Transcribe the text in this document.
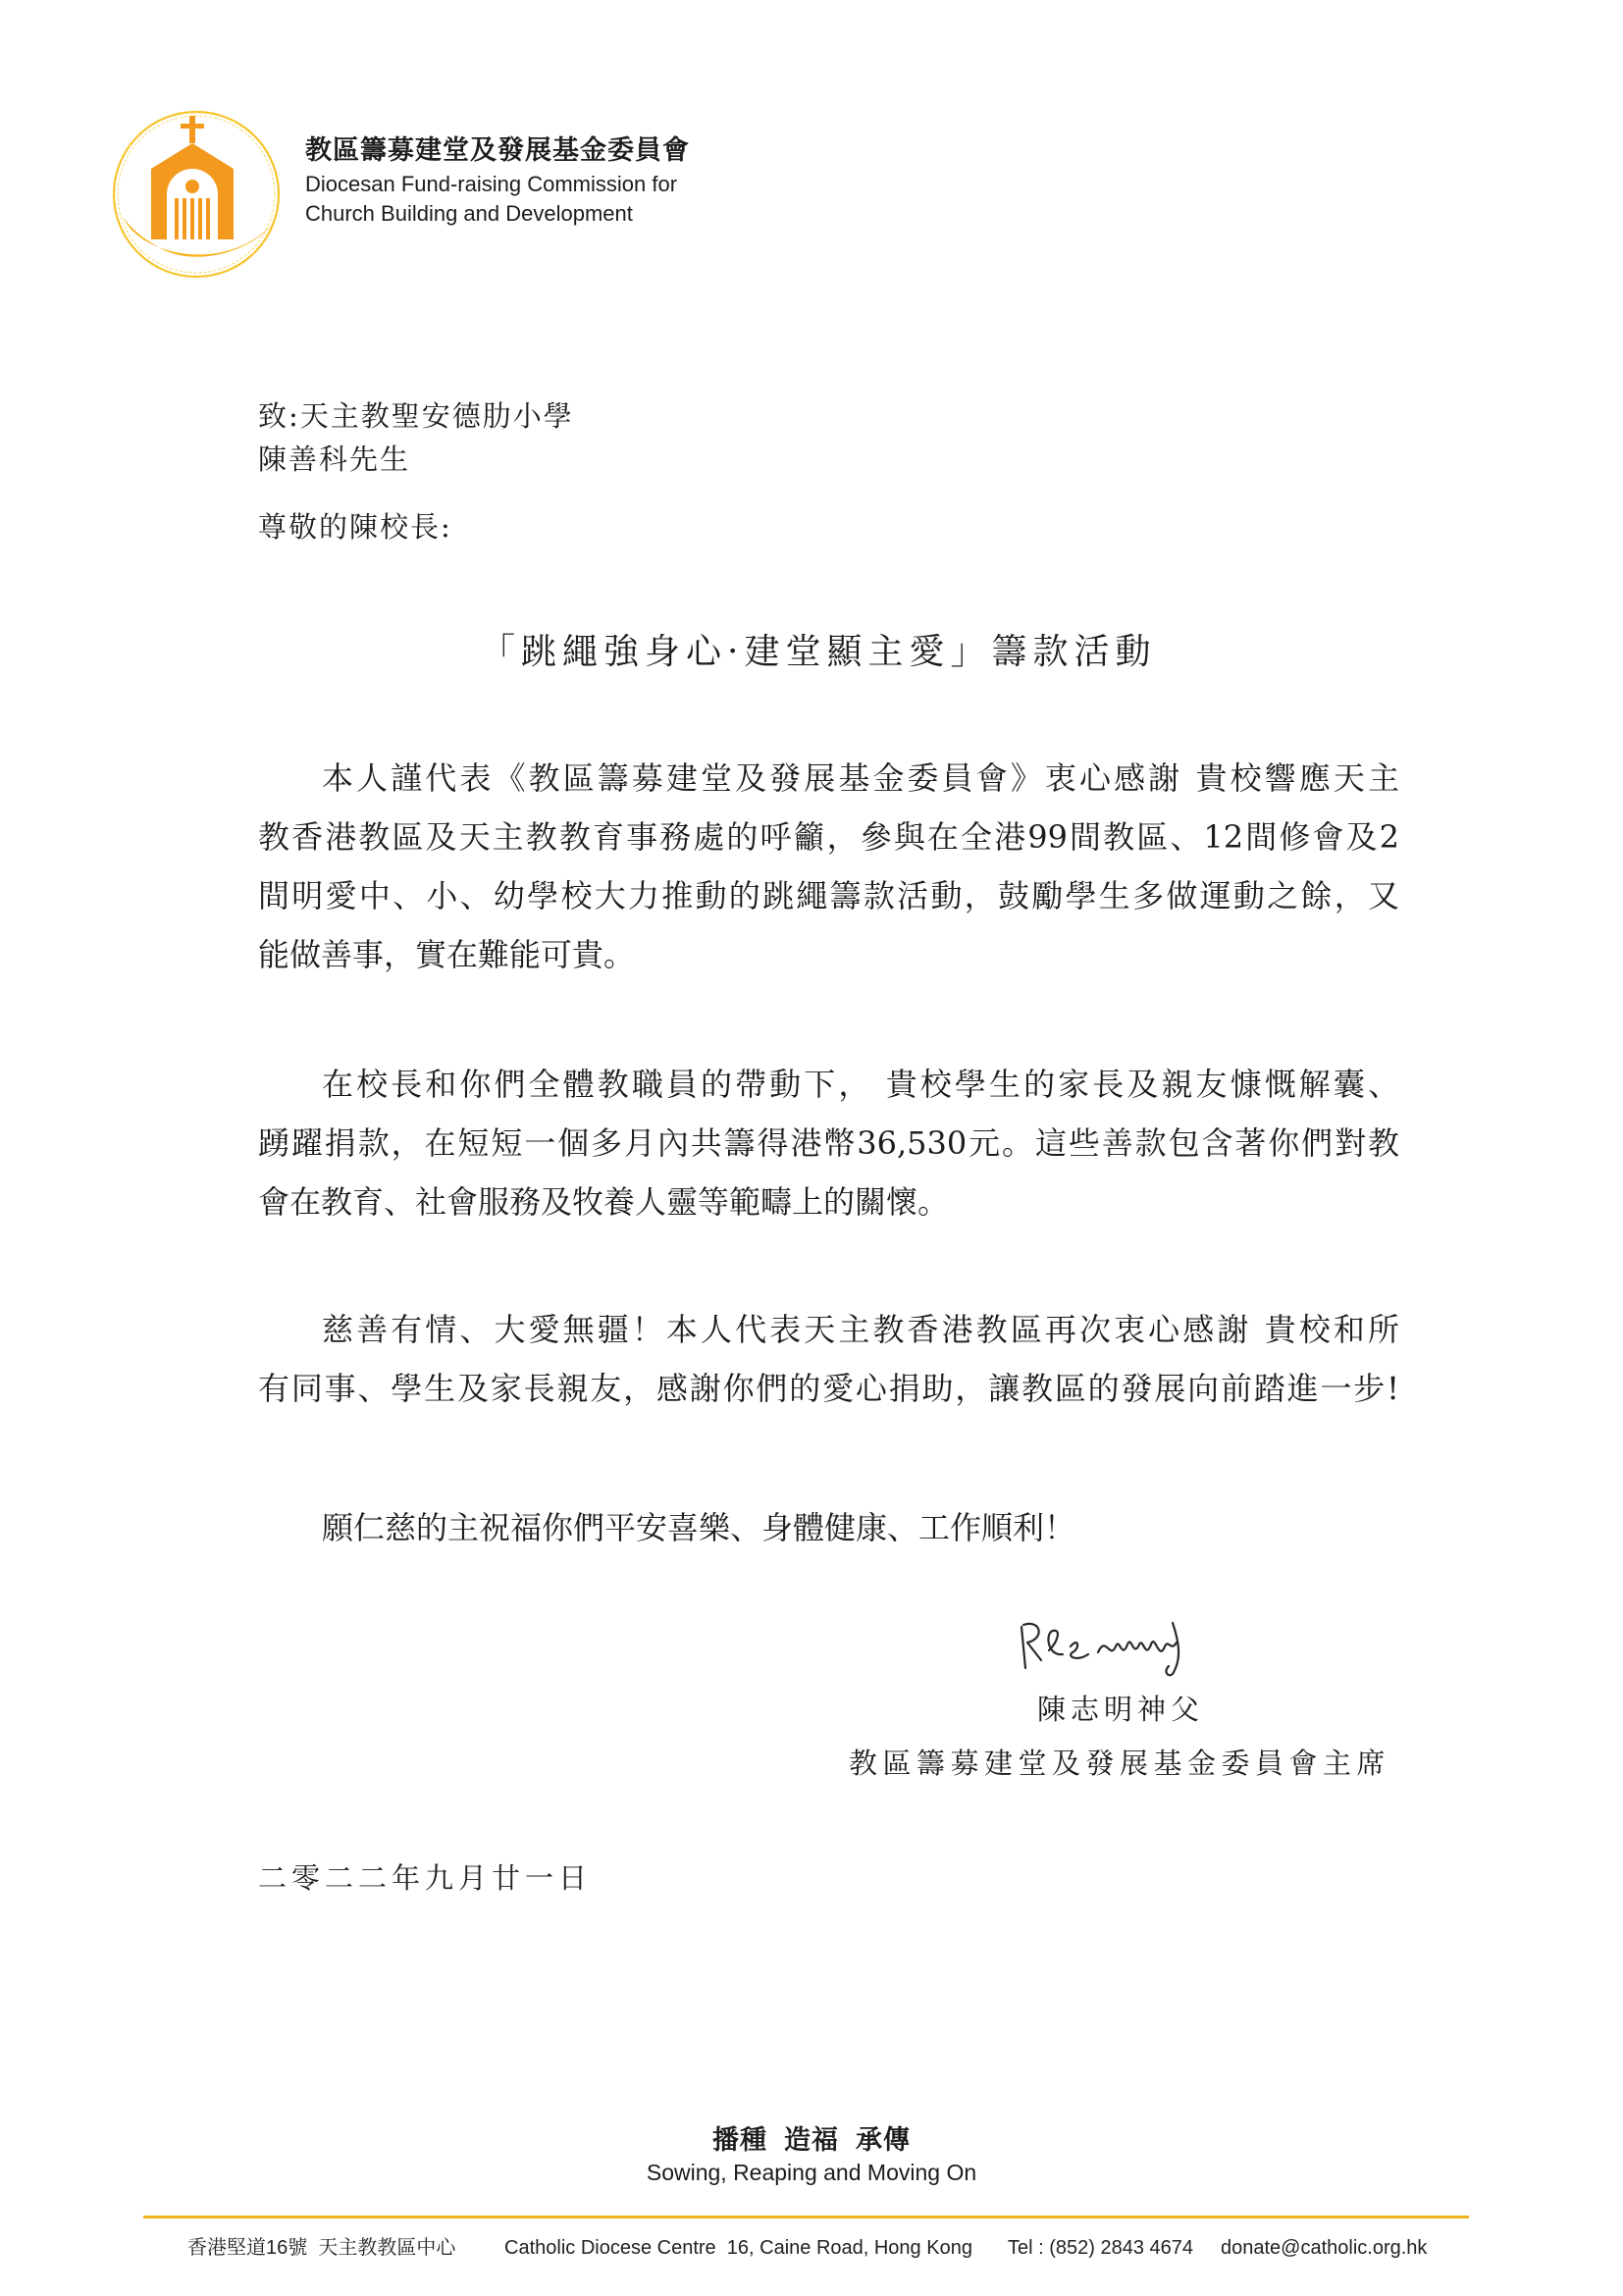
教區籌募建堂及發展基金委員會
Diocesan Fund-raising Commission for
Church Building and Development
致:天主教聖安德肋小學
陳善科先生
尊敬的陳校長:
「跳繩強身心·建堂顯主愛」籌款活動
本人謹代表《教區籌募建堂及發展基金委員會》衷心感謝 貴校響應天主
教香港教區及天主教教育事務處的呼籲，參與在全港99間教區、12間修會及2
間明愛中、小、幼學校大力推動的跳繩籌款活動，鼓勵學生多做運動之餘，又
能做善事，實在難能可貴。
在校長和你們全體教職員的帶動下， 貴校學生的家長及親友慷慨解囊、
踴躍捐款，在短短一個多月內共籌得港幣36,530元。這些善款包含著你們對教
會在教育、社會服務及牧養人靈等範疇上的關懷。
慈善有情、大愛無疆！本人代表天主教香港教區再次衷心感謝 貴校和所
有同事、學生及家長親友，感謝你們的愛心捐助，讓教區的發展向前踏進一步!
願仁慈的主祝福你們平安喜樂、身體健康、工作順利！
陳志明神父
教區籌募建堂及發展基金委員會主席
二零二二年九月廿一日
播種  造福  承傳
Sowing, Reaping and Moving On
香港堅道16號  天主教教區中心 Catholic Diocese Centre  16, Caine Road, Hong Kong Tel : (852) 2843 4674 donate@catholic.org.hk
